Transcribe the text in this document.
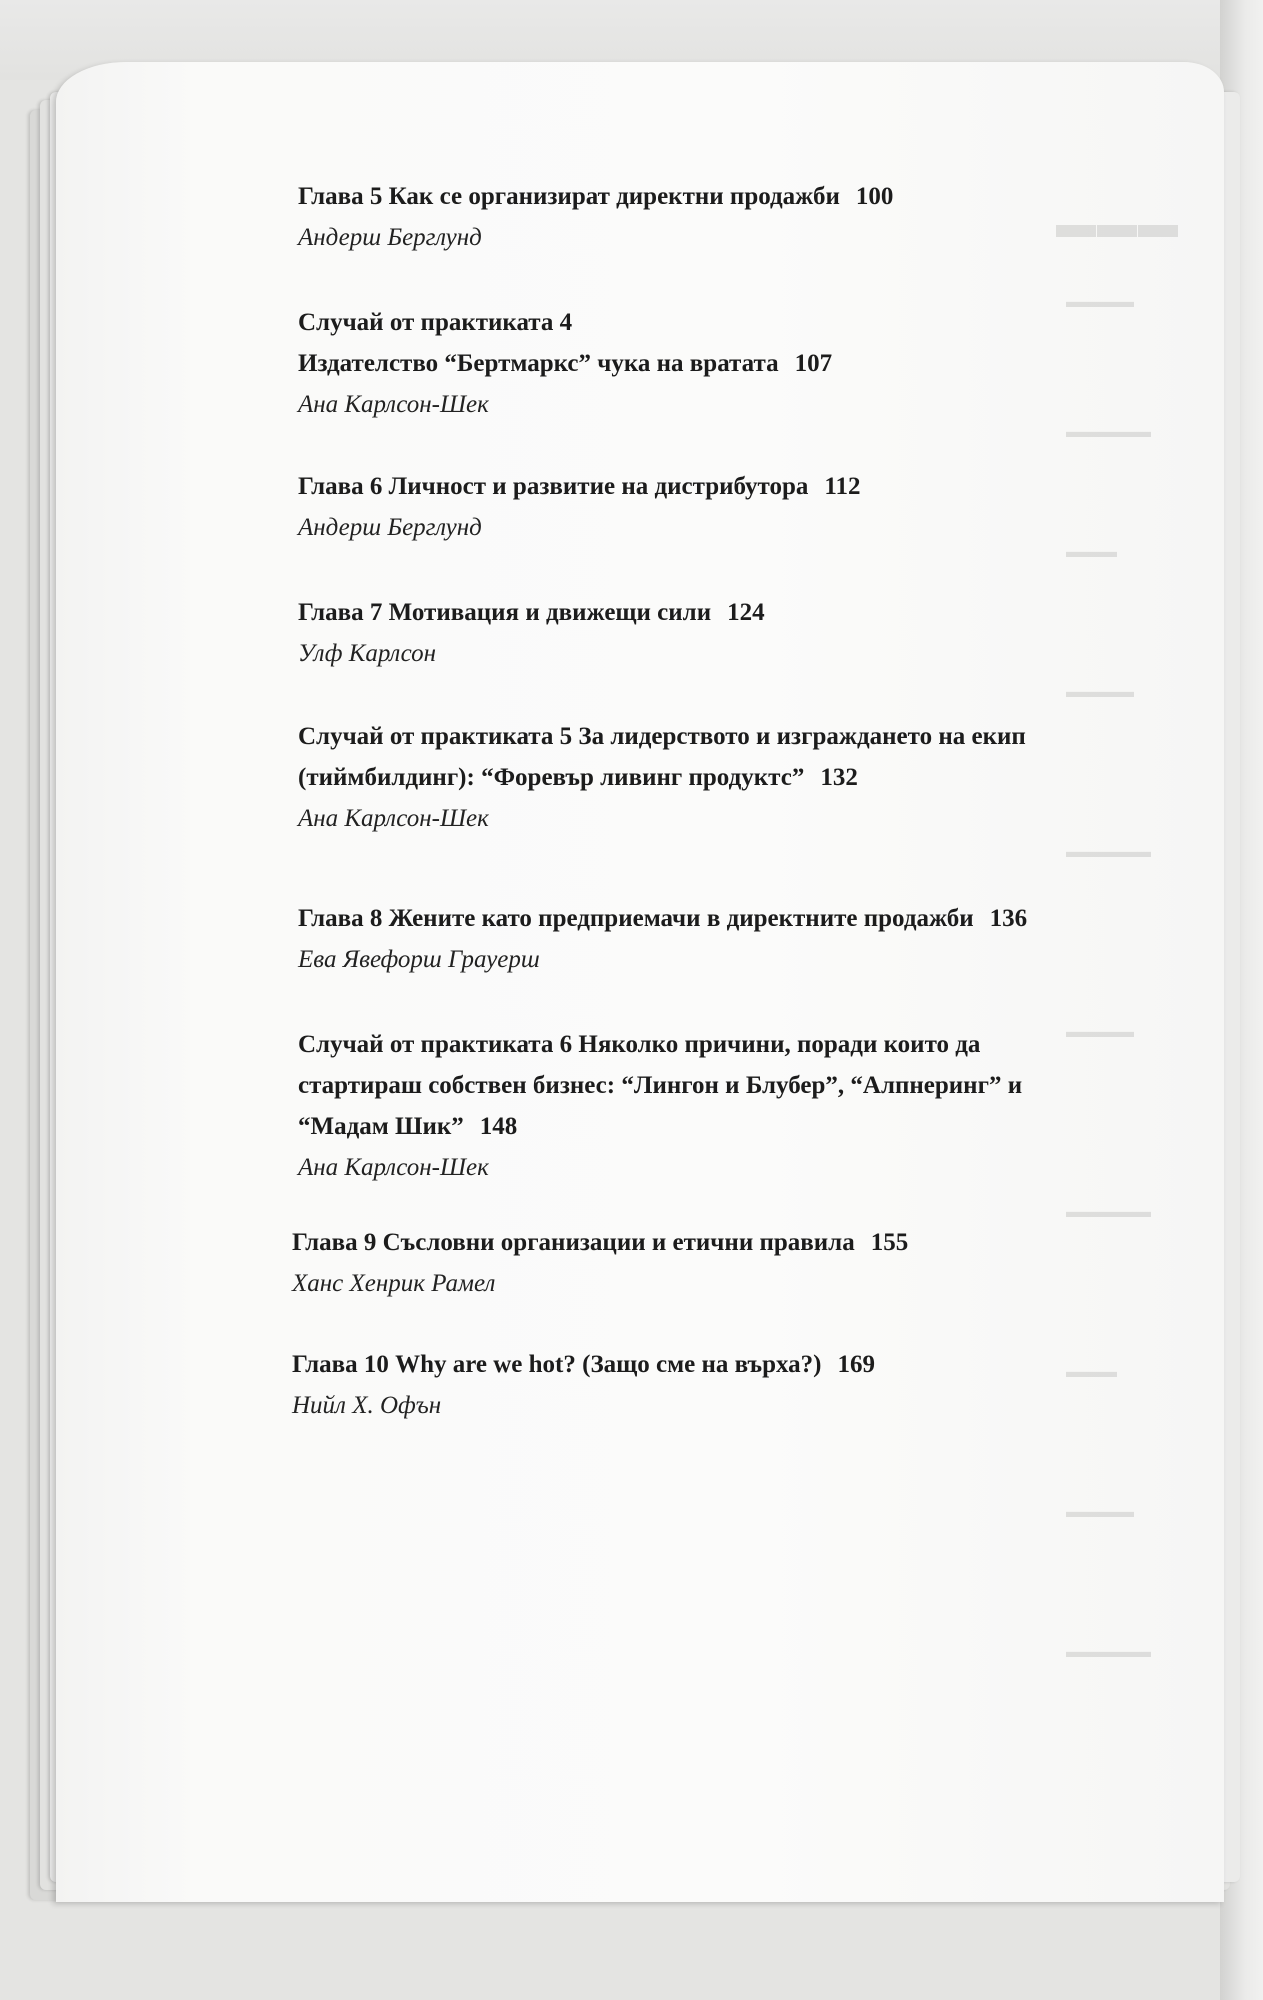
▬▬▬
▬▬▬▬
▬▬▬▬▬
▬▬▬
▬▬▬▬
▬▬▬▬▬
▬▬▬▬
▬▬▬▬▬
▬▬▬
▬▬▬▬
▬▬▬▬▬
Глава 5 Как се организират директни продажби 100
Андерш Берглунд
Случай от практиката 4
Издателство “Бертмаркс” чука на вратата 107
Ана Карлсон-Шек
Глава 6 Личност и развитие на дистрибутора 112
Андерш Берглунд
Глава 7 Мотивация и движещи сили 124
Улф Карлсон
Случай от практиката 5 За лидерството и изграждането на екип
(тиймбилдинг): “Форевър ливинг продуктс” 132
Ана Карлсон-Шек
Глава 8 Жените като предприемачи в директните продажби 136
Ева Явефорш Грауерш
Случай от практиката 6 Няколко причини, поради които да
стартираш собствен бизнес: “Лингон и Блубер”, “Алпнеринг” и
“Мадам Шик” 148
Ана Карлсон-Шек
Глава 9 Съсловни организации и етични правила 155
Ханс Хенрик Рамел
Глава 10 Why are we hot? (Защо сме на върха?) 169
Нийл Х. Офън
